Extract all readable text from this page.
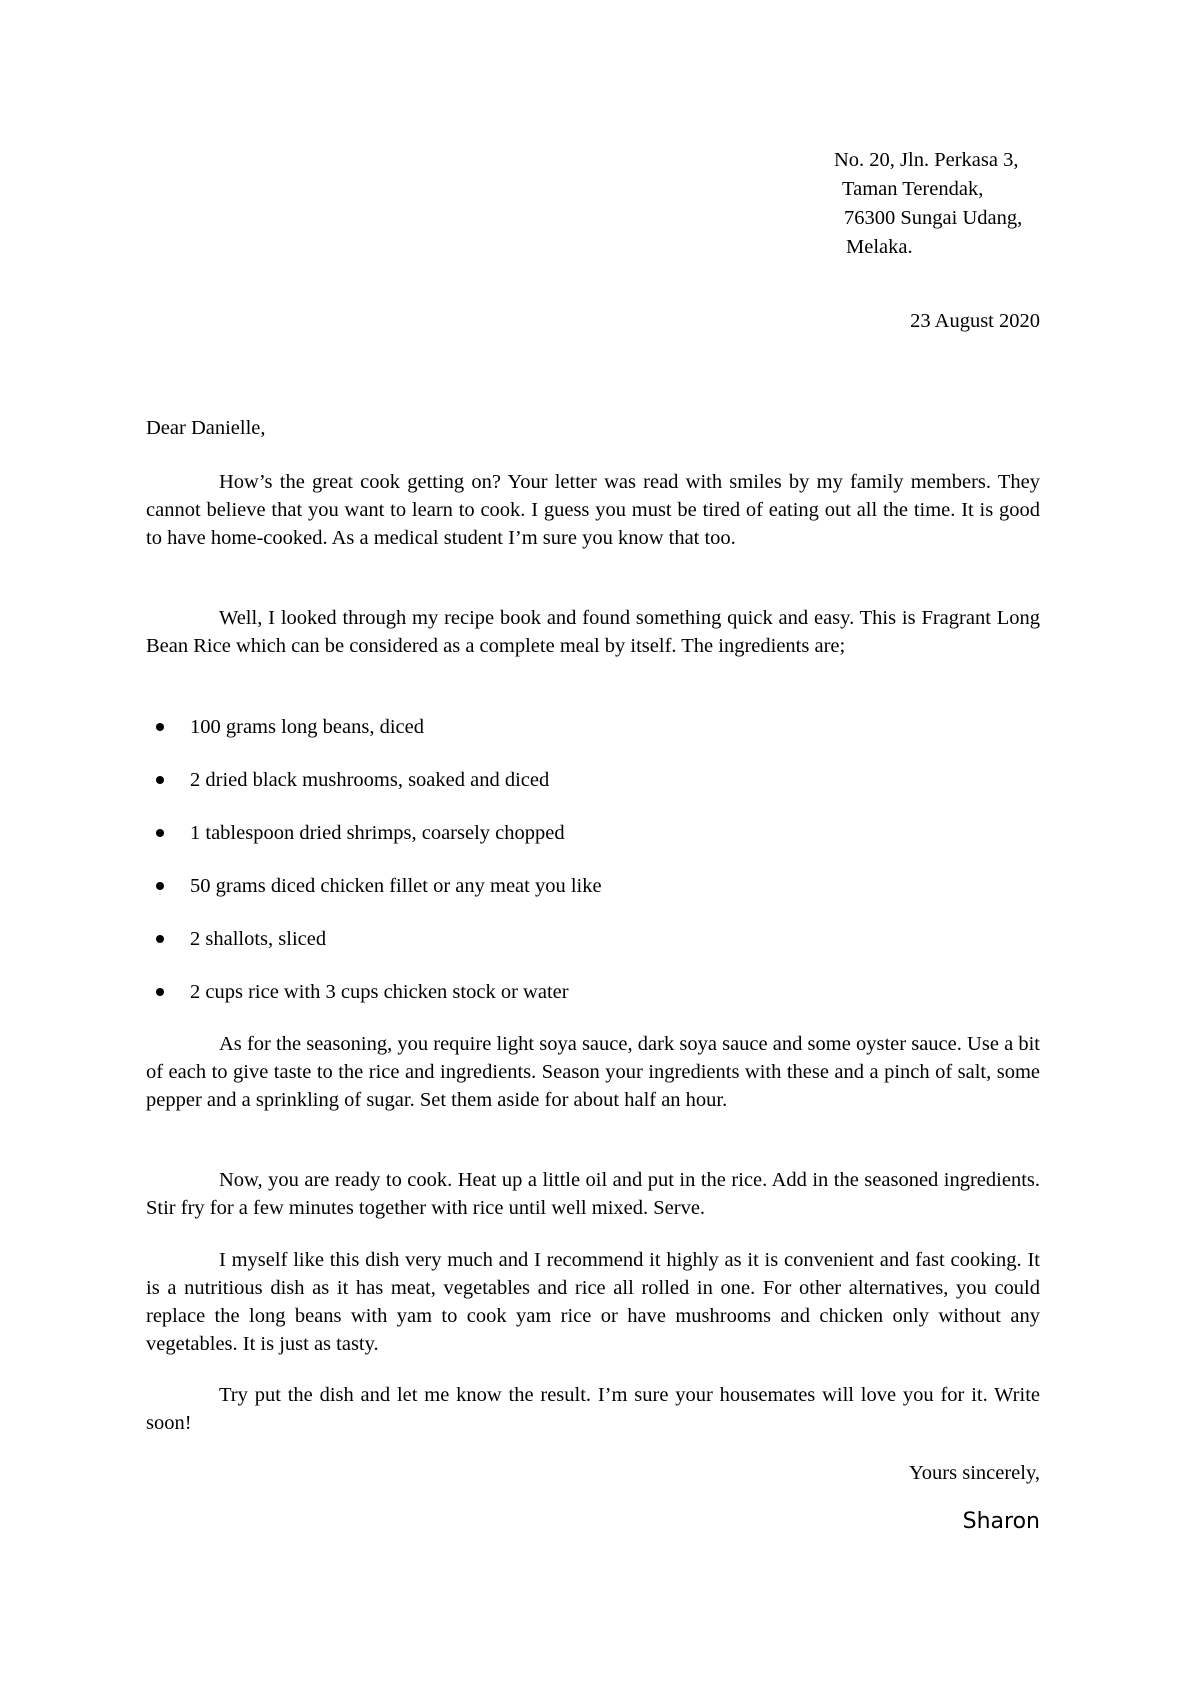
No. 20, Jln. Perkasa 3,
Taman Terendak,
76300 Sungai Udang,
Melaka.
23 August 2020
Dear Danielle,

How’s the great cook getting on? Your letter was read with smiles by my family members. They cannot believe that you want to learn to cook. I guess you must be tired of eating out all the time. It is good to have home-cooked. As a medical student I’m sure you know that too.

Well, I looked through my recipe book and found something quick and easy. This is Fragrant Long Bean Rice which can be considered as a complete meal by itself. The ingredients are;

100 grams long beans, diced
2 dried black mushrooms, soaked and diced
1 tablespoon dried shrimps, coarsely chopped
50 grams diced chicken fillet or any meat you like
2 shallots, sliced
2 cups rice with 3 cups chicken stock or water

As for the seasoning, you require light soya sauce, dark soya sauce and some oyster sauce. Use a bit of each to give taste to the rice and ingredients. Season your ingredients with these and a pinch of salt, some pepper and a sprinkling of sugar. Set them aside for about half an hour.

Now, you are ready to cook. Heat up a little oil and put in the rice. Add in the seasoned ingredients. Stir fry for a few minutes together with rice until well mixed. Serve.

I myself like this dish very much and I recommend it highly as it is convenient and fast cooking. It is a nutritious dish as it has meat, vegetables and rice all rolled in one. For other alternatives, you could replace the long beans with yam to cook yam rice or have mushrooms and chicken only without any vegetables. It is just as tasty.

Try put the dish and let me know the result. I’m sure your housemates will love you for it. Write soon!

Yours sincerely,
Sharon
